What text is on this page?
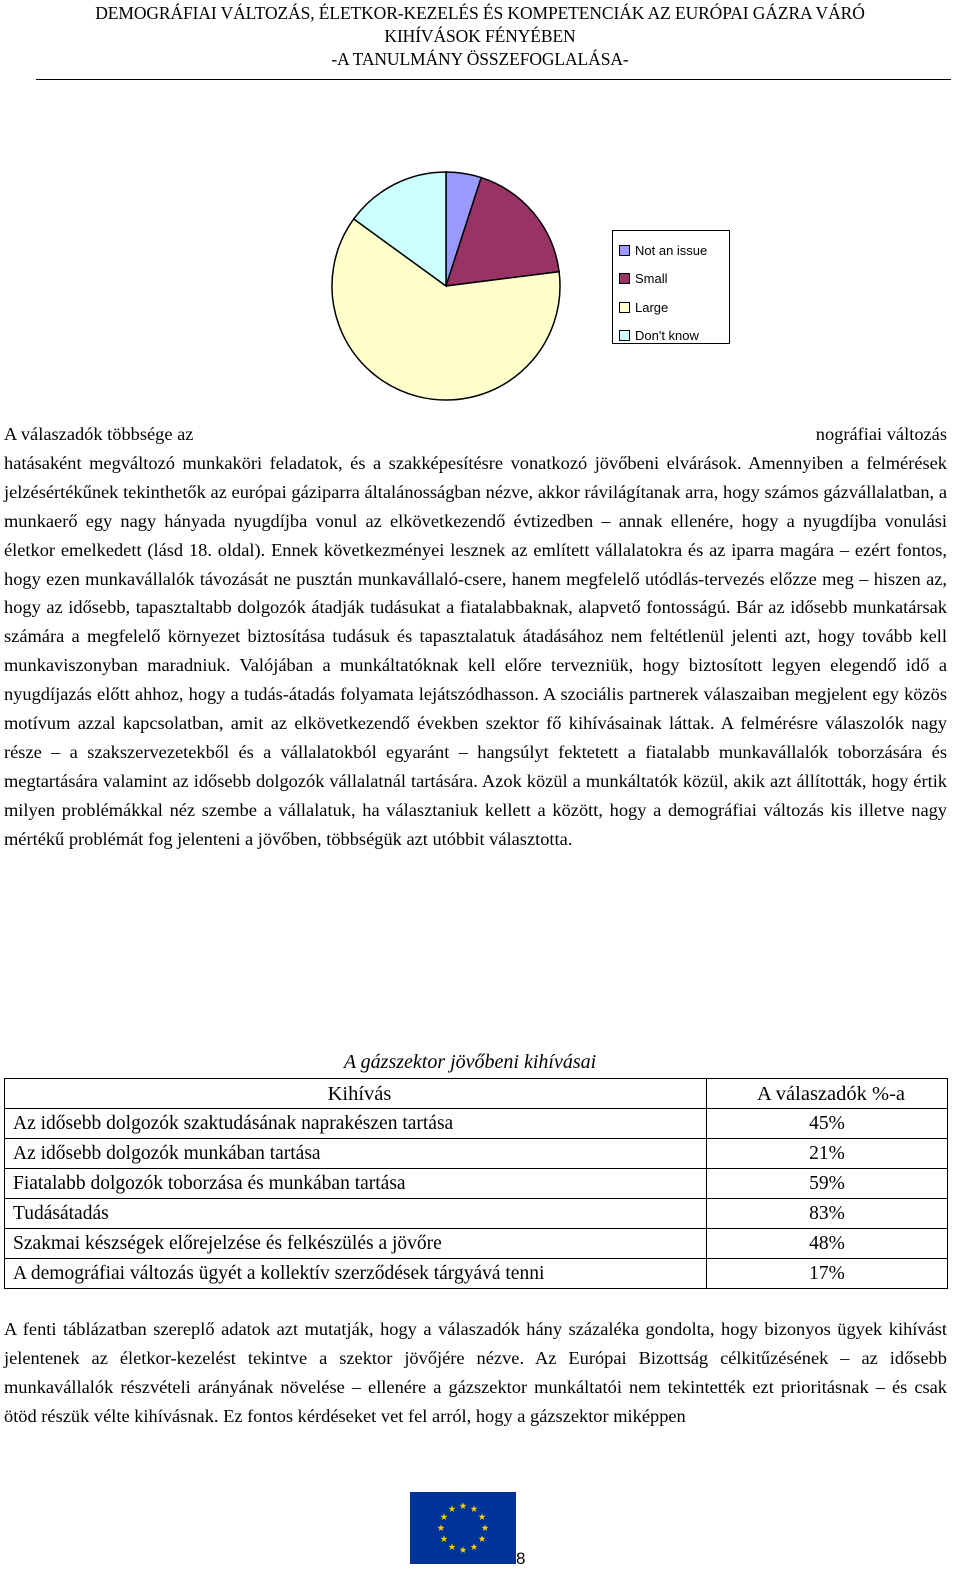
DEMOGRÁFIAI VÁLTOZÁS, ÉLETKOR-KEZELÉS ÉS KOMPETENCIÁK AZ EURÓPAI GÁZRA VÁRÓ
KIHÍVÁSOK FÉNYÉBEN
-A TANULMÁNY ÖSSZEFOGLALÁSA-
Not an issue
Small
Large
Don't know
A válaszadók többsége az	nográfiai változás
hatásaként megváltozó munkaköri feladatok, és a szakképesítésre vonatkozó jövőbeni elvárások. Amennyiben a felmérések jelzésértékűnek tekinthetők az európai gáziparra általánosságban nézve, akkor rávilágítanak arra, hogy számos gázvállalatban, a munkaerő egy nagy hányada nyugdíjba vonul az elkövetkezendő évtizedben – annak ellenére, hogy a nyugdíjba vonulási életkor emelkedett (lásd 18. oldal). Ennek következményei lesznek az említett vállalatokra és az iparra magára – ezért fontos, hogy ezen munkavállalók távozását ne pusztán munkavállaló-csere, hanem megfelelő utódlás-tervezés előzze meg – hiszen az, hogy az idősebb, tapasztaltabb dolgozók átadják tudásukat a fiatalabbaknak, alapvető fontosságú. Bár az idősebb munkatársak számára a megfelelő környezet biztosítása tudásuk és tapasztalatuk átadásához nem feltétlenül jelenti azt, hogy tovább kell munkaviszonyban maradniuk. Valójában a munkáltatóknak kell előre tervezniük, hogy biztosított legyen elegendő idő a nyugdíjazás előtt ahhoz, hogy a tudás-átadás folyamata lejátszódhasson. A szociális partnerek válaszaiban megjelent egy közös motívum azzal kapcsolatban, amit az elkövetkezendő években szektor fő kihívásainak láttak. A felmérésre válaszolók nagy része – a szakszervezetekből és a vállalatokból egyaránt – hangsúlyt fektetett a fiatalabb munkavállalók toborzására és megtartására valamint az idősebb dolgozók vállalatnál tartására. Azok közül a munkáltatók közül, akik azt állították, hogy értik milyen problémákkal néz szembe a vállalatuk, ha választaniuk kellett a között, hogy a demográfiai változás kis illetve nagy mértékű problémát fog jelenteni a jövőben, többségük azt utóbbit választotta.
A gázszektor jövőbeni kihívásai
Kihívás	A válaszadók %-a
Az idősebb dolgozók szaktudásának naprakészen tartása	45%
Az idősebb dolgozók munkában tartása	21%
Fiatalabb dolgozók toborzása és munkában tartása	59%
Tudásátadás	83%
Szakmai készségek előrejelzése és felkészülés a jövőre	48%
A demográfiai változás ügyét a kollektív szerződések tárgyává tenni	17%

A fenti táblázatban szereplő adatok azt mutatják, hogy a válaszadók hány százaléka gondolta, hogy bizonyos ügyek kihívást jelentenek az életkor-kezelést tekintve a szektor jövőjére nézve. Az Európai Bizottság célkitűzésének – az idősebb munkavállalók részvételi arányának növelése – ellenére a gázszektor munkáltatói nem tekintették ezt prioritásnak – és csak ötöd részük vélte kihívásnak. Ez fontos kérdéseket vet fel arról, hogy a gázszektor miképpen

8
